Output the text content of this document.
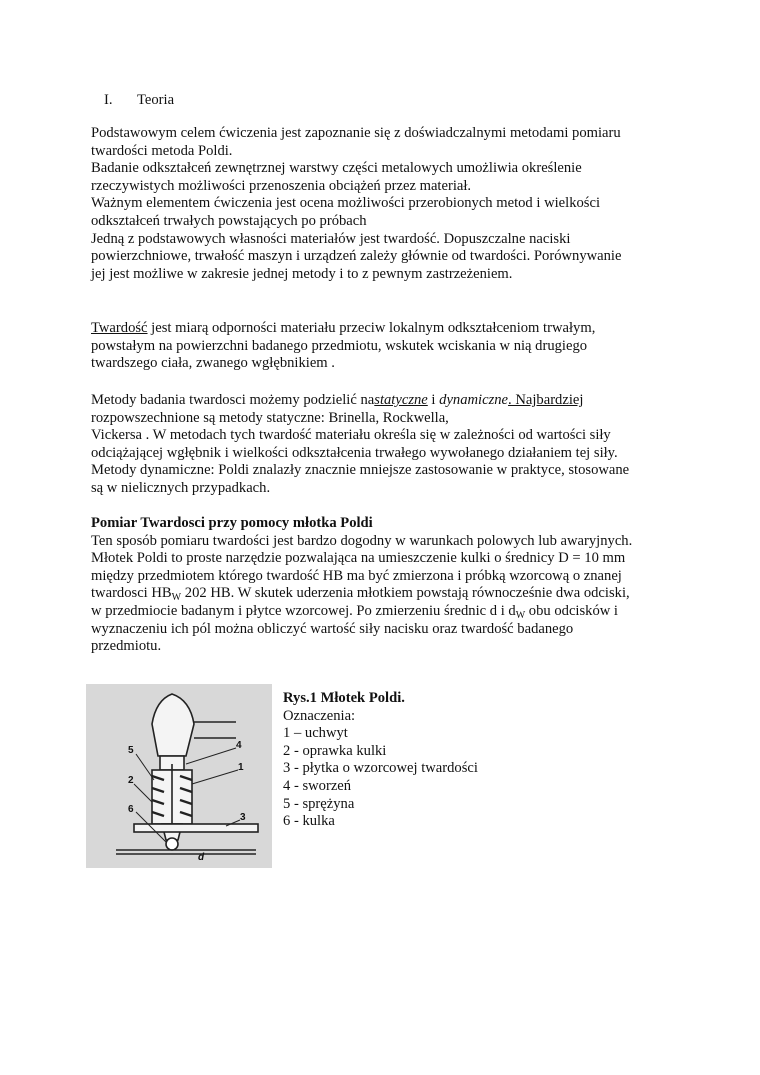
I. Teoria
Podstawowym celem ćwiczenia jest zapoznanie się z doświadczalnymi metodami pomiaru
twardości metoda Poldi.
Badanie odkształceń zewnętrznej warstwy części metalowych umożliwia określenie
rzeczywistych możliwości przenoszenia obciążeń przez materiał.
Ważnym elementem ćwiczenia jest ocena możliwości przerobionych metod i wielkości
odkształceń trwałych powstających po próbach
Jedną z podstawowych własności materiałów jest twardość. Dopuszczalne naciski
powierzchniowe, trwałość maszyn i urządzeń zależy głównie od twardości. Porównywanie
jej jest możliwe w zakresie jednej metody i to z pewnym zastrzeżeniem.
Twardość jest miarą odporności materiału przeciw lokalnym odkształceniom trwałym,
powstałym na powierzchni badanego przedmiotu, wskutek wciskania w nią drugiego
twardszego ciała, zwanego wgłębnikiem .
Metody badania twardosci możemy podzielić nastatyczne i dynamiczne. Najbardziej
rozpowszechnione są metody statyczne: Brinella, Rockwella,
Vickersa . W metodach tych twardość materiału określa się w zależności od wartości siły
odciążającej wgłębnik i wielkości odkształcenia trwałego wywołanego działaniem tej siły.
Metody dynamiczne: Poldi znalazły znacznie mniejsze zastosowanie w praktyce, stosowane
są w nielicznych przypadkach.
Pomiar Twardosci przy pomocy młotka Poldi
Ten sposób pomiaru twardości jest bardzo dogodny w warunkach polowych lub awaryjnych.
Młotek Poldi to proste narzędzie pozwalająca na umieszczenie kulki o średnicy D = 10 mm
między przedmiotem którego twardość HB ma być zmierzona i próbką wzorcową o znanej
twardosci $HB_W$ 202 HB. W skutek uderzenia młotkiem powstają równocześnie dwa odciski,
w przedmiocie badanym i płytce wzorcowej. Po zmierzeniu średnic d i $d_W$ obu odcisków i
wyznaczeniu ich pól można obliczyć wartość siły nacisku oraz twardość badanego
przedmiotu.
5	4
1
2
6
3
d
Rys.1 Młotek Poldi.
Oznaczenia:
1 – uchwyt
2 - oprawka kulki
3 - płytka o wzorcowej twardości
4 - sworzeń
5 - sprężyna
6 - kulka
